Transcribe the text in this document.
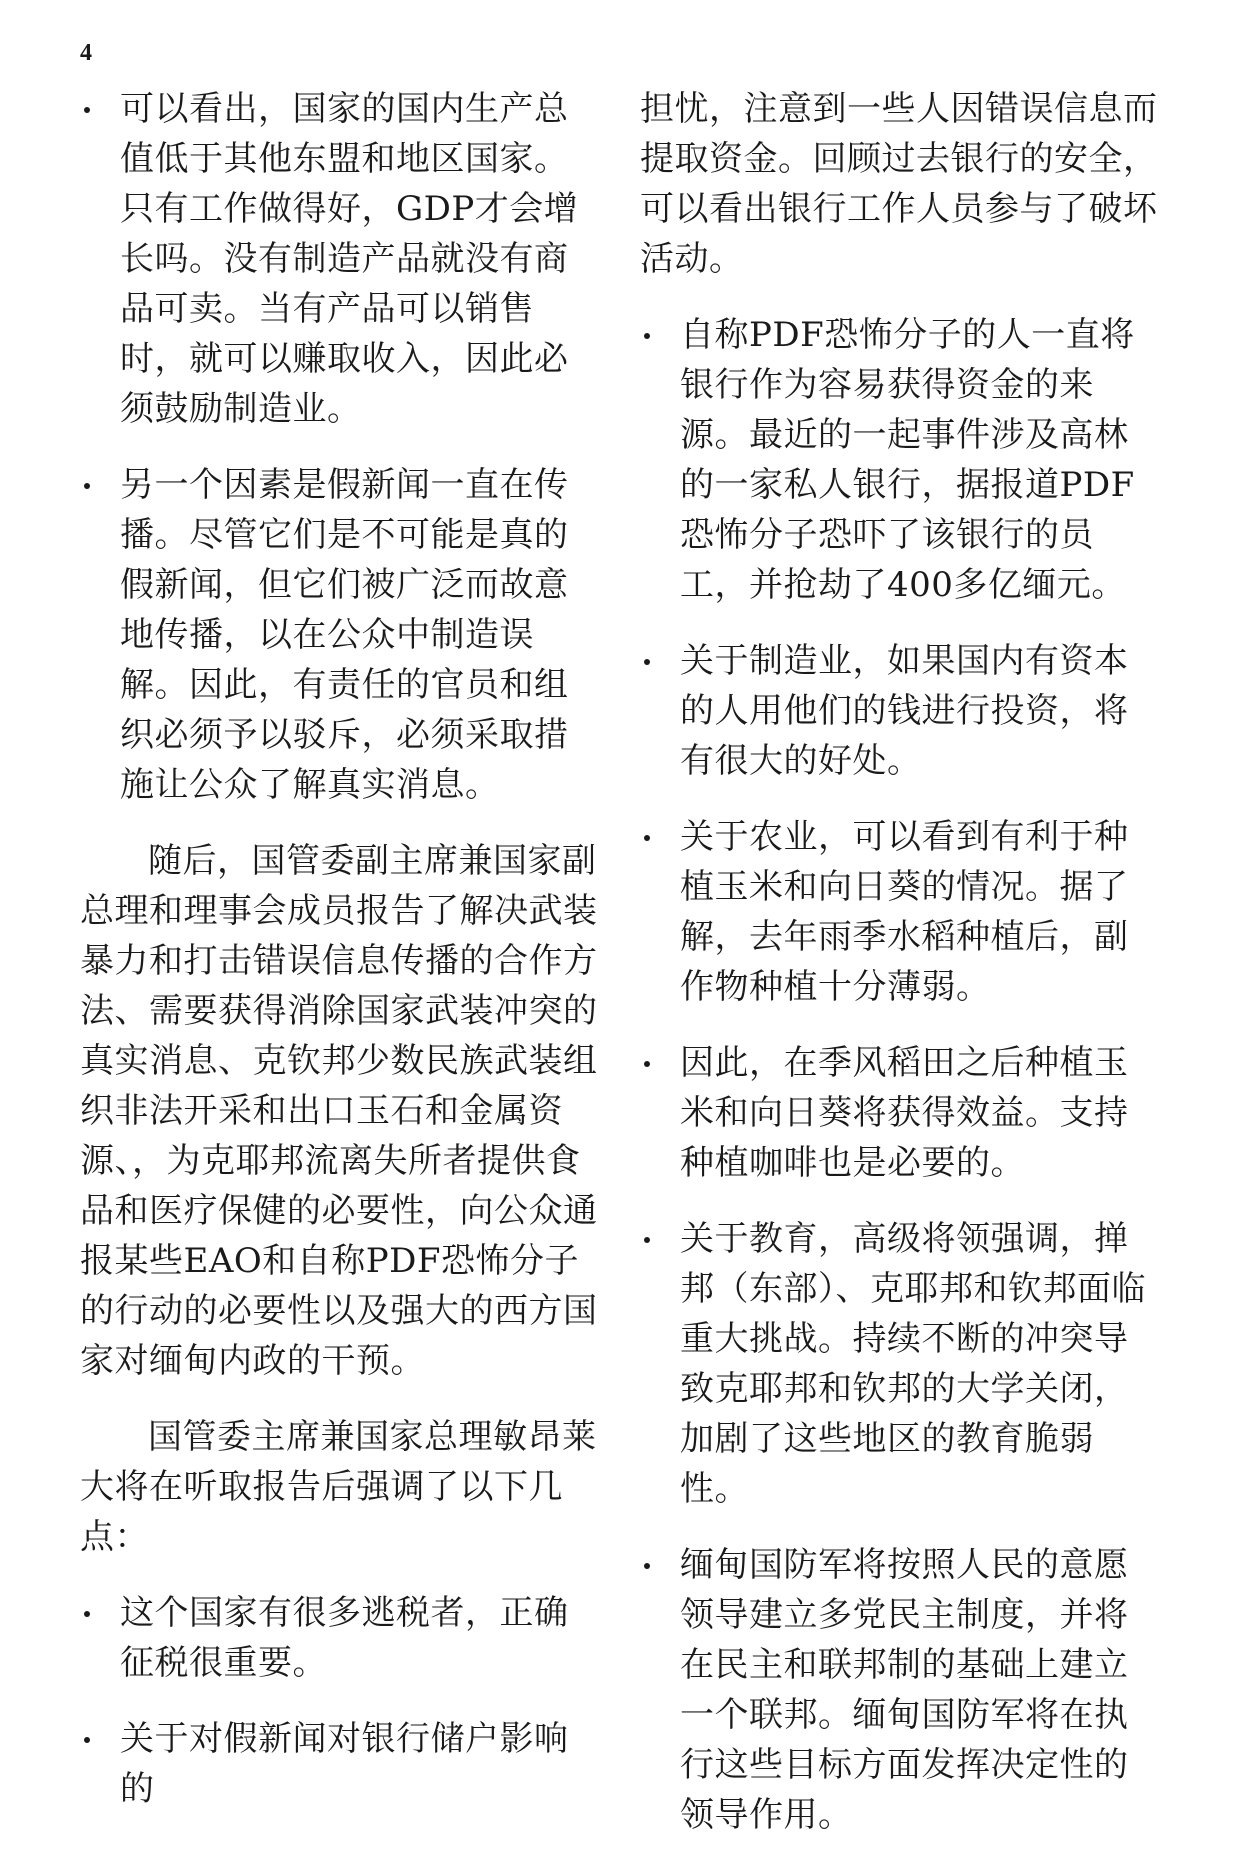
4
可以看出，国家的国内生产总值低于其他东盟和地区国家。只有工作做得好，GDP才会增长吗。没有制造产品就没有商品可卖。当有产品可以销售时，就可以赚取收入，因此必须鼓励制造业。
另一个因素是假新闻一直在传播。尽管它们是不可能是真的假新闻，但它们被广泛而故意地传播，以在公众中制造误解。因此，有责任的官员和组织必须予以驳斥，必须采取措施让公众了解真实消息。

随后，国管委副主席兼国家副总理和理事会成员报告了解决武装暴力和打击错误信息传播的合作方法、需要获得消除国家武装冲突的真实消息、克钦邦少数民族武装组织非法开采和出口玉石和金属资源、，为克耶邦流离失所者提供食品和医疗保健的必要性，向公众通报某些EAO和自称PDF恐怖分子的行动的必要性以及强大的西方国家对缅甸内政的干预。

国管委主席兼国家总理敏昂莱大将在听取报告后强调了以下几点：

这个国家有很多逃税者，正确征税很重要。
关于对假新闻对银行储户影响的

担忧，注意到一些人因错误信息而提取资金。回顾过去银行的安全，可以看出银行工作人员参与了破坏活动。

自称PDF恐怖分子的人一直将银行作为容易获得资金的来源。最近的一起事件涉及高林的一家私人银行，据报道PDF恐怖分子恐吓了该银行的员工，并抢劫了400多亿缅元。
关于制造业，如果国内有资本的人用他们的钱进行投资，将有很大的好处。
关于农业，可以看到有利于种植玉米和向日葵的情况。据了解，去年雨季水稻种植后，副作物种植十分薄弱。
因此，在季风稻田之后种植玉米和向日葵将获得效益。支持种植咖啡也是必要的。
关于教育，高级将领强调，掸邦（东部）、克耶邦和钦邦面临重大挑战。持续不断的冲突导致克耶邦和钦邦的大学关闭，加剧了这些地区的教育脆弱性。
缅甸国防军将按照人民的意愿领导建立多党民主制度，并将在民主和联邦制的基础上建立一个联邦。缅甸国防军将在执行这些目标方面发挥决定性的领导作用。
